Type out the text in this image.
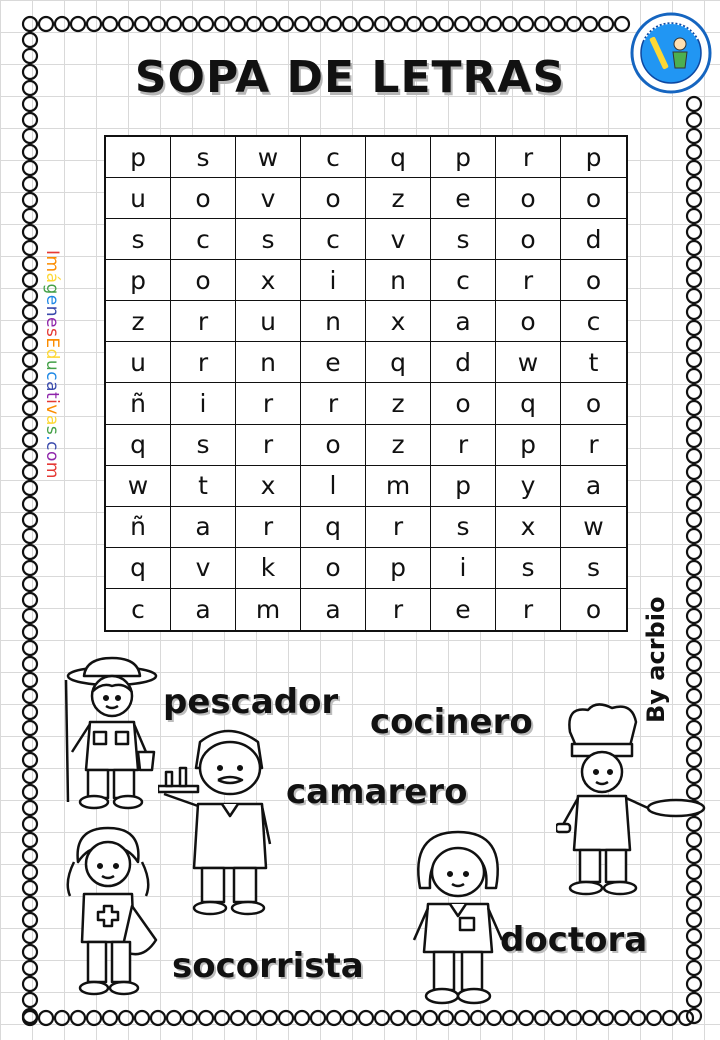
SOPA DE LETRAS
p	s	w	c	q	p	r	p
u	o	v	o	z	e	o	o
s	c	s	c	v	s	o	d
p	o	x	i	n	c	r	o
z	r	u	n	x	a	o	c
u	r	n	e	q	d	w	t
ñ	i	r	r	z	o	q	o
q	s	r	o	z	r	p	r
w	t	x	l	m	p	y	a
ñ	a	r	q	r	s	x	w
q	v	k	o	p	i	s	s
c	a	m	a	r	e	r	o
ImágenesEducativas.com
By acrbio
pescador cocinero
camarero
socorrista
doctora
